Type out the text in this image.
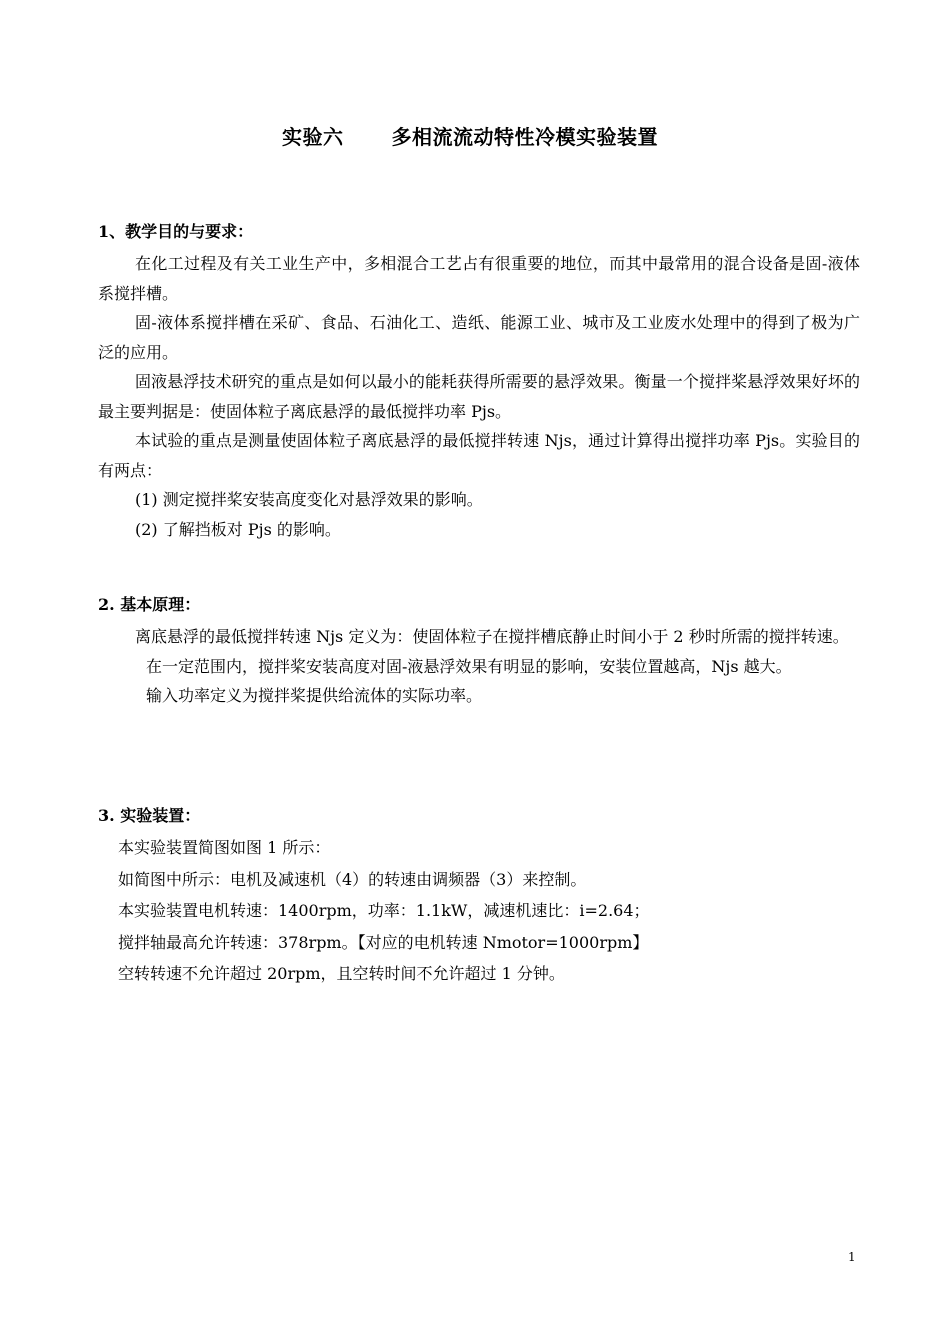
实验六 多相流流动特性冷模实验装置
1、教学目的与要求：

在化工过程及有关工业生产中，多相混合工艺占有很重要的地位，而其中最常用的混合设备是固-液体系搅拌槽。

固-液体系搅拌槽在采矿、食品、石油化工、造纸、能源工业、城市及工业废水处理中的得到了极为广泛的应用。

固液悬浮技术研究的重点是如何以最小的能耗获得所需要的悬浮效果。衡量一个搅拌桨悬浮效果好坏的最主要判据是：使固体粒子离底悬浮的最低搅拌功率 Pjs。

本试验的重点是测量使固体粒子离底悬浮的最低搅拌转速 Njs，通过计算得出搅拌功率 Pjs。实验目的有两点：

(1) 测定搅拌桨安装高度变化对悬浮效果的影响。

(2) 了解挡板对 Pjs 的影响。

2. 基本原理：

离底悬浮的最低搅拌转速 Njs 定义为：使固体粒子在搅拌槽底静止时间小于 2 秒时所需的搅拌转速。

在一定范围内，搅拌桨安装高度对固-液悬浮效果有明显的影响，安装位置越高，Njs 越大。

输入功率定义为搅拌桨提供给流体的实际功率。

3. 实验装置：

本实验装置简图如图 1 所示：

如简图中所示：电机及减速机（4）的转速由调频器（3）来控制。

本实验装置电机转速：1400rpm，功率：1.1kW，减速机速比：i=2.64；

搅拌轴最高允许转速：378rpm。【对应的电机转速 Nmotor=1000rpm】

空转转速不允许超过 20rpm，且空转时间不允许超过 1 分钟。

1
